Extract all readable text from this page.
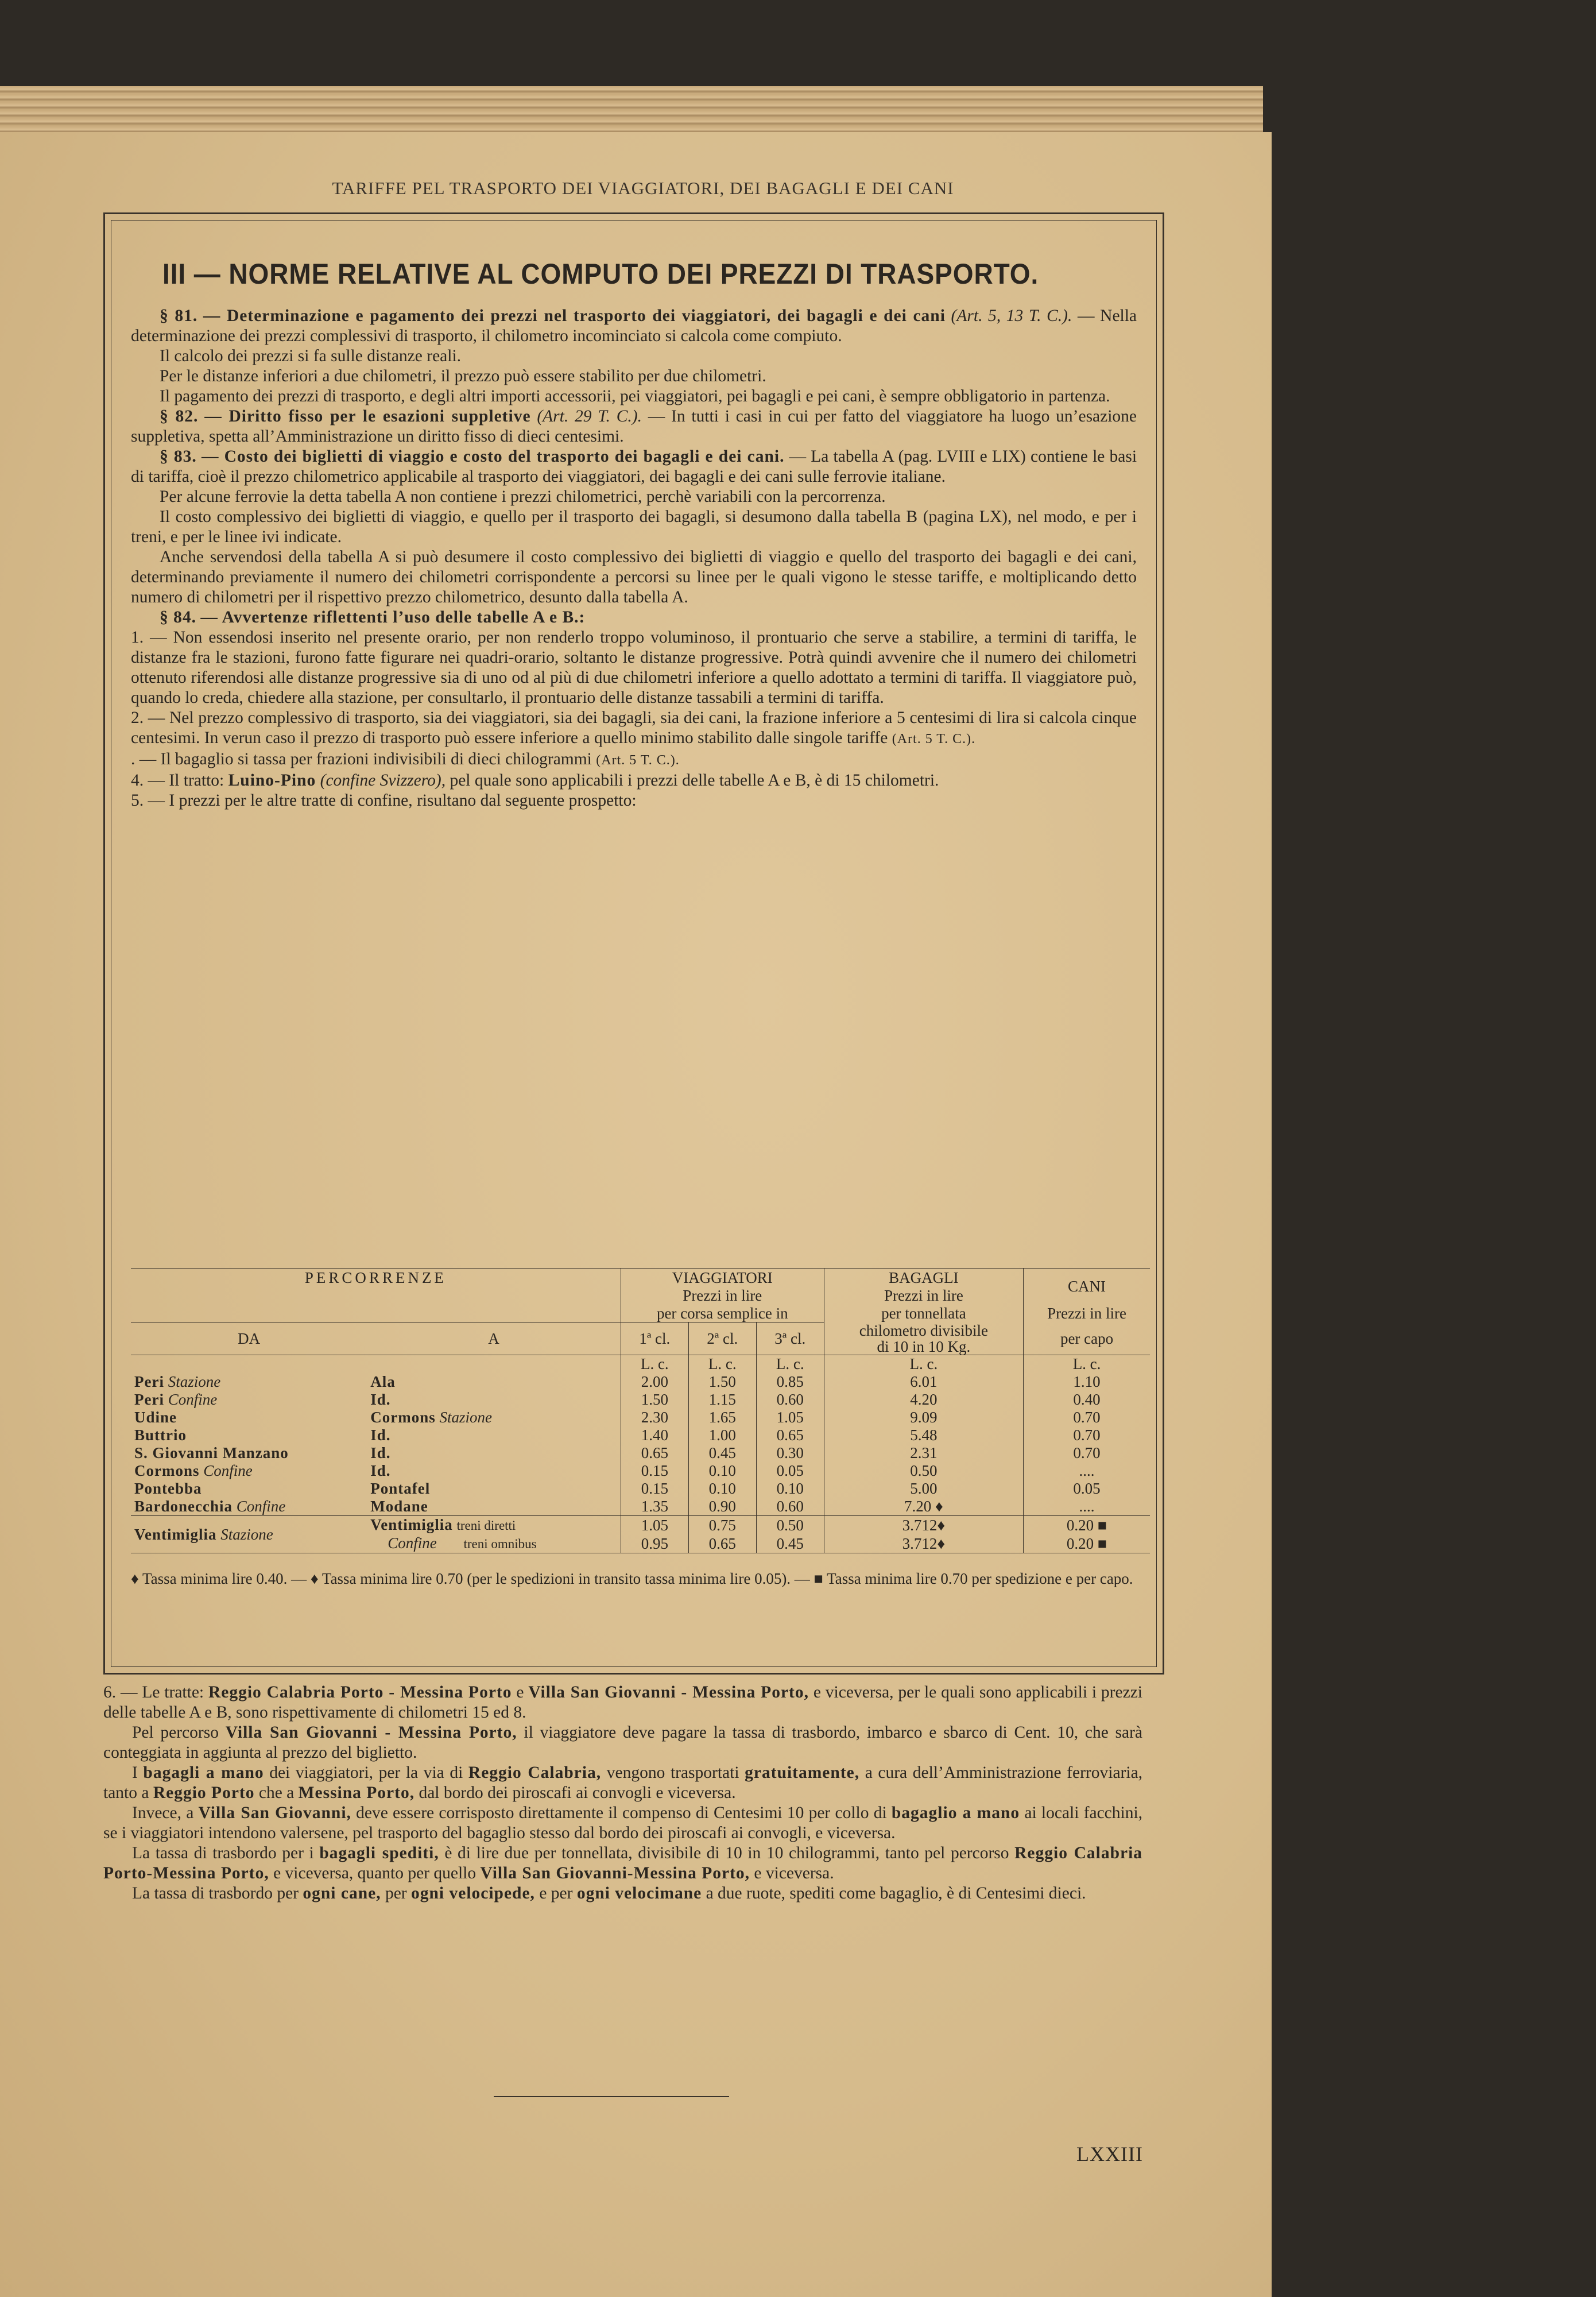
TARIFFE PEL TRASPORTO DEI VIAGGIATORI, DEI BAGAGLI E DEI CANI
III — NORME RELATIVE AL COMPUTO DEI PREZZI DI TRASPORTO.

§ 81. — Determinazione e pagamento dei prezzi nel trasporto dei viaggiatori, dei bagagli e dei cani (Art. 5, 13 T. C.). — Nella determinazione dei prezzi complessivi di trasporto, il chilometro incominciato si calcola come compiuto.

Il calcolo dei prezzi si fa sulle distanze reali.

Per le distanze inferiori a due chilometri, il prezzo può essere stabilito per due chilometri.

Il pagamento dei prezzi di trasporto, e degli altri importi accessorii, pei viaggiatori, pei bagagli e pei cani, è sempre obbligatorio in partenza.

§ 82. — Diritto fisso per le esazioni suppletive (Art. 29 T. C.). — In tutti i casi in cui per fatto del viaggiatore ha luogo un’esazione suppletiva, spetta all’Amministrazione un diritto fisso di dieci centesimi.

§ 83. — Costo dei biglietti di viaggio e costo del trasporto dei bagagli e dei cani. — La tabella A (pag. LVIII e LIX) contiene le basi di tariffa, cioè il prezzo chilometrico applicabile al trasporto dei viaggiatori, dei bagagli e dei cani sulle ferrovie italiane.

Per alcune ferrovie la detta tabella A non contiene i prezzi chilometrici, perchè variabili con la percorrenza.

Il costo complessivo dei biglietti di viaggio, e quello per il trasporto dei bagagli, si desumono dalla tabella B (pagina LX), nel modo, e per i treni, e per le linee ivi indicate.

Anche servendosi della tabella A si può desumere il costo complessivo dei biglietti di viaggio e quello del trasporto dei bagagli e dei cani, determinando previamente il numero dei chilometri corrispondente a percorsi su linee per le quali vigono le stesse tariffe, e moltiplicando detto numero di chilometri per il rispettivo prezzo chilometrico, desunto dalla tabella A.

§ 84. — Avvertenze riflettenti l’uso delle tabelle A e B.:

1. — Non essendosi inserito nel presente orario, per non renderlo troppo voluminoso, il prontuario che serve a stabilire, a termini di tariffa, le distanze fra le stazioni, furono fatte figurare nei quadri-orario, soltanto le distanze progressive. Potrà quindi avvenire che il numero dei chilometri ottenuto riferendosi alle distanze progressive sia di uno od al più di due chilometri inferiore a quello adottato a termini di tariffa. Il viaggiatore può, quando lo creda, chiedere alla stazione, per consultarlo, il prontuario delle distanze tassabili a termini di tariffa.

2. — Nel prezzo complessivo di trasporto, sia dei viaggiatori, sia dei bagagli, sia dei cani, la frazione inferiore a 5 centesimi di lira si calcola cinque centesimi. In verun caso il prezzo di trasporto può essere inferiore a quello minimo stabilito dalle singole tariffe (Art. 5 T. C.).

. — Il bagaglio si tassa per frazioni indivisibili di dieci chilogrammi (Art. 5 T. C.).

4. — Il tratto: Luino-Pino (confine Svizzero), pel quale sono applicabili i prezzi delle tabelle A e B, è di 15 chilometri.

5. — I prezzi per le altre tratte di confine, risultano dal seguente prospetto:

PERCORRENZE		VIAGGIATORI			BAGAGLI	CANI
		Prezzi in lire			Prezzi in lire	
		per corsa semplice in			per tonnellata	Prezzi in lire
DA	A	1ª cl.	2ª cl.	3ª cl.	chilometro divisibile
di 10 in 10 Kg.	per capo
		L. c.	L. c.	L. c.	L. c.	L. c.
Peri Stazione	Ala	2.00	1.50	0.85	6.01	1.10
Peri Confine	Id.	1.50	1.15	0.60	4.20	0.40
Udine	Cormons Stazione	2.30	1.65	1.05	9.09	0.70
Buttrio	Id.	1.40	1.00	0.65	5.48	0.70
S. Giovanni Manzano	Id.	0.65	0.45	0.30	2.31	0.70
Cormons Confine	Id.	0.15	0.10	0.05	0.50	....
Pontebba	Pontafel	0.15	0.10	0.10	5.00	0.05
Bardonecchia Confine	Modane	1.35	0.90	0.60	7.20 ♦	....
Ventimiglia Stazione	Ventimiglia treni diretti	1.05	0.75	0.50	3.712♦	0.20 ■
	Confine treni omnibus	0.95	0.65	0.45	3.712♦	0.20 ■
♦ Tassa minima lire 0.40. — ♦ Tassa minima lire 0.70 (per le spedizioni in transito tassa minima lire 0.05). — ■ Tassa minima lire 0.70 per spedizione e per capo.

6. — Le tratte: Reggio Calabria Porto - Messina Porto e Villa San Giovanni - Messina Porto, e viceversa, per le quali sono applicabili i prezzi delle tabelle A e B, sono rispettivamente di chilometri 15 ed 8.

Pel percorso Villa San Giovanni - Messina Porto, il viaggiatore deve pagare la tassa di trasbordo, imbarco e sbarco di Cent. 10, che sarà conteggiata in aggiunta al prezzo del biglietto.

I bagagli a mano dei viaggiatori, per la via di Reggio Calabria, vengono trasportati gratuitamente, a cura dell’Amministrazione ferroviaria, tanto a Reggio Porto che a Messina Porto, dal bordo dei piroscafi ai convogli e viceversa.

Invece, a Villa San Giovanni, deve essere corrisposto direttamente il compenso di Centesimi 10 per collo di bagaglio a mano ai locali facchini, se i viaggiatori intendono valersene, pel trasporto del bagaglio stesso dal bordo dei piroscafi ai convogli, e viceversa.

La tassa di trasbordo per i bagagli spediti, è di lire due per tonnellata, divisibile di 10 in 10 chilogrammi, tanto pel percorso Reggio Calabria Porto-Messina Porto, e viceversa, quanto per quello Villa San Giovanni-Messina Porto, e viceversa.

La tassa di trasbordo per ogni cane, per ogni velocipede, e per ogni velocimane a due ruote, spediti come bagaglio, è di Centesimi dieci.

LXXIII
